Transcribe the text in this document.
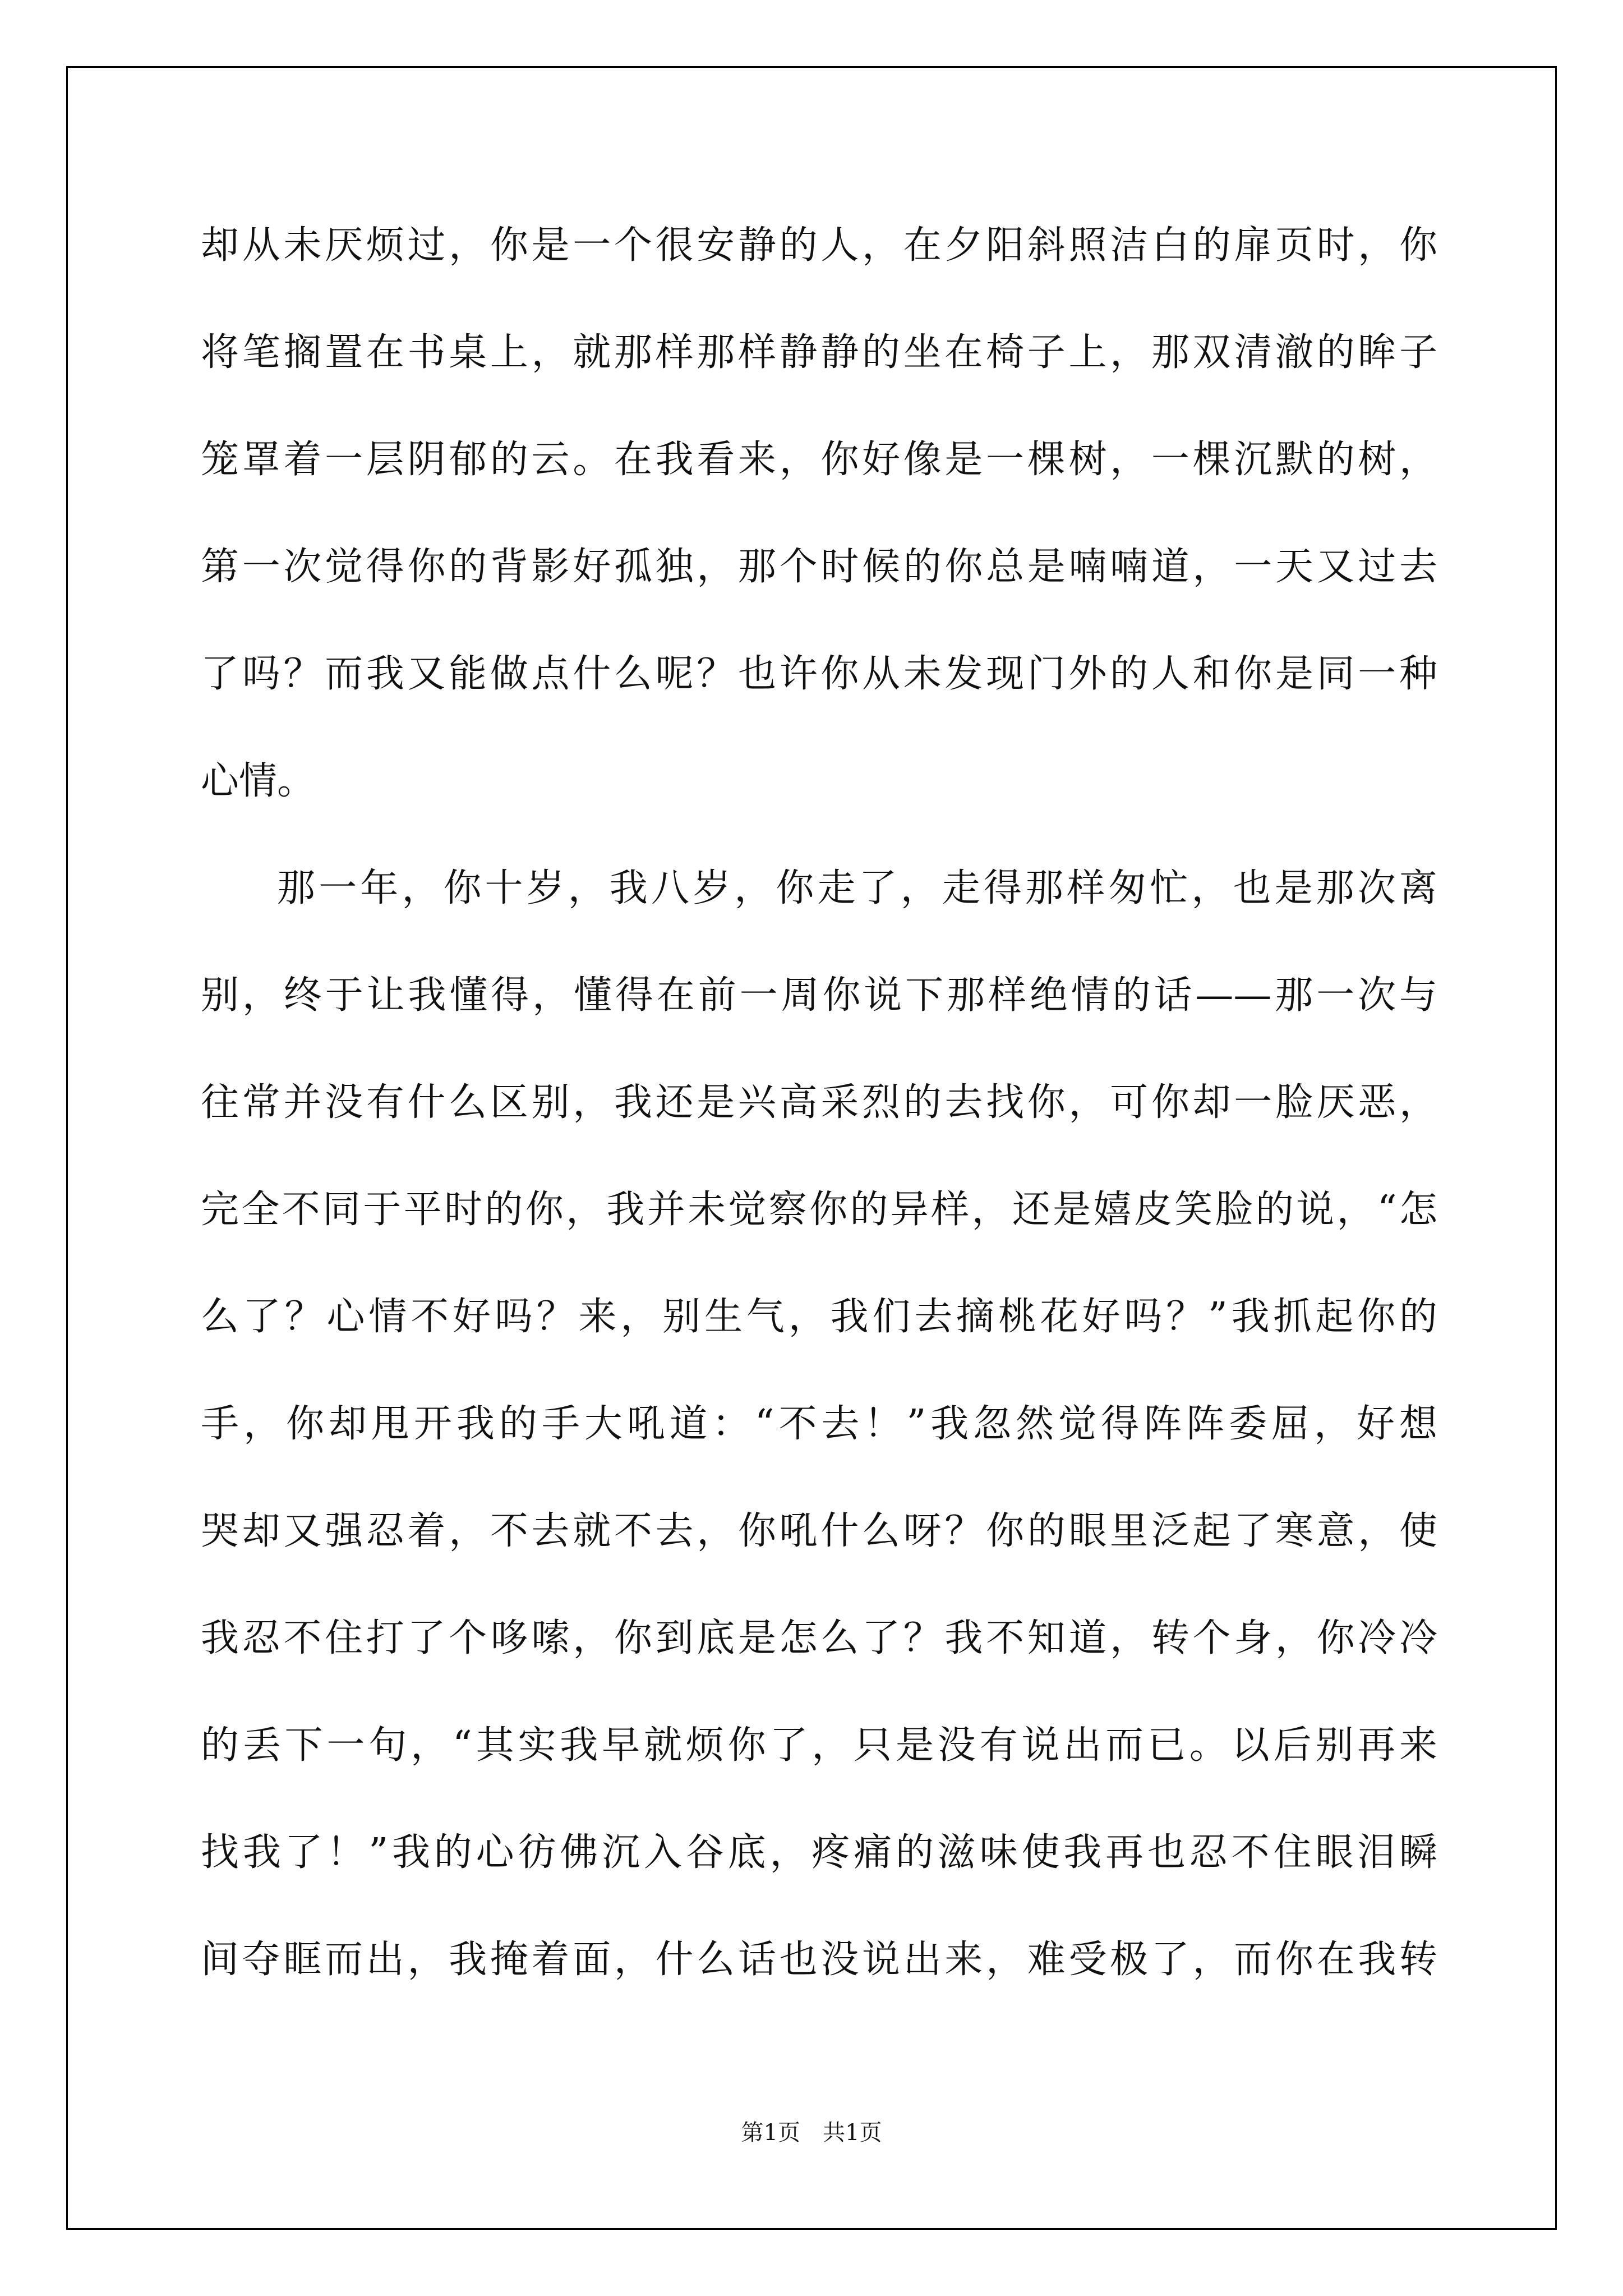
却从未厌烦过，你是一个很安静的人，在夕阳斜照洁白的扉页时，你
将笔搁置在书桌上，就那样那样静静的坐在椅子上，那双清澈的眸子
笼罩着一层阴郁的云。在我看来，你好像是一棵树，一棵沉默的树，
第一次觉得你的背影好孤独，那个时候的你总是喃喃道，一天又过去
了吗？而我又能做点什么呢？也许你从未发现门外的人和你是同一种
心情。
那一年，你十岁，我八岁，你走了，走得那样匆忙，也是那次离
别，终于让我懂得，懂得在前一周你说下那样绝情的话——那一次与
往常并没有什么区别，我还是兴高采烈的去找你，可你却一脸厌恶，
完全不同于平时的你，我并未觉察你的异样，还是嬉皮笑脸的说，“怎
么了？心情不好吗？来，别生气，我们去摘桃花好吗？”我抓起你的
手，你却甩开我的手大吼道：“不去！”我忽然觉得阵阵委屈，好想
哭却又强忍着，不去就不去，你吼什么呀？你的眼里泛起了寒意，使
我忍不住打了个哆嗦，你到底是怎么了？我不知道，转个身，你冷冷
的丢下一句，“其实我早就烦你了，只是没有说出而已。以后别再来
找我了！”我的心彷佛沉入谷底，疼痛的滋味使我再也忍不住眼泪瞬
间夺眶而出，我掩着面，什么话也没说出来，难受极了，而你在我转
第1页　共1页
